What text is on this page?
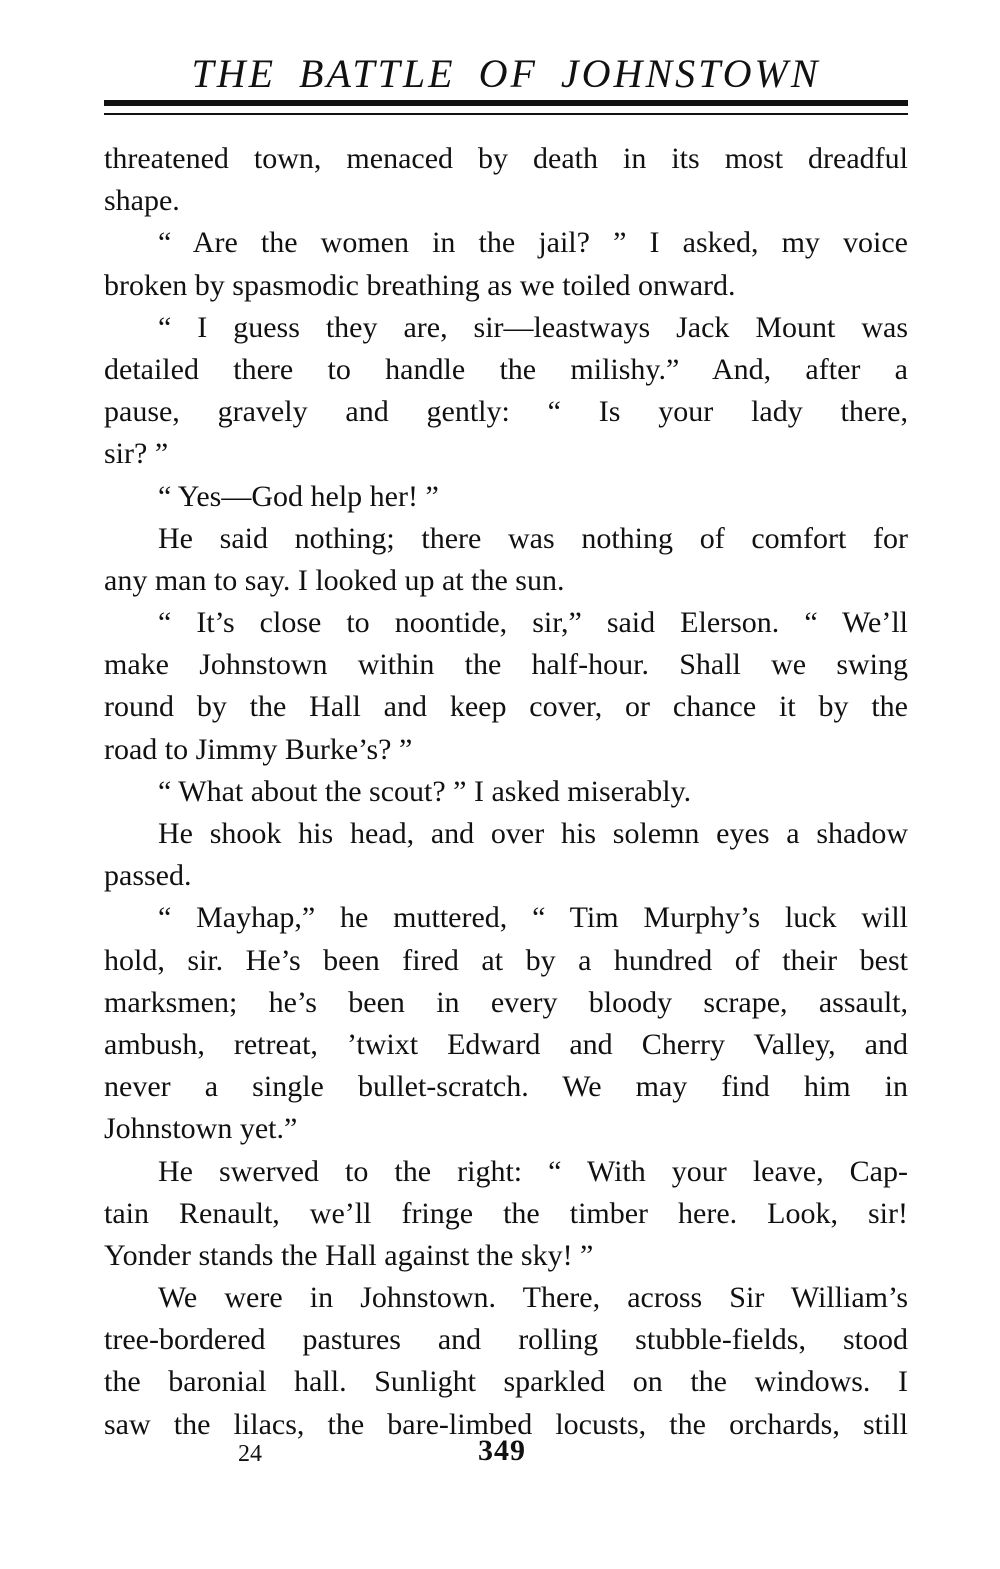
THE BATTLE OF JOHNSTOWN
threatened town, menaced by death in its most dreadful
shape.
“ Are the women in the jail? ” I asked, my voice
broken by spasmodic breathing as we toiled onward.
“ I guess they are, sir—leastways Jack Mount was
detailed there to handle the milishy.” And, after a
pause, gravely and gently: “ Is your lady there,
sir? ”
“ Yes—God help her! ”
He said nothing; there was nothing of comfort for
any man to say. I looked up at the sun.
“ It’s close to noontide, sir,” said Elerson. “ We’ll
make Johnstown within the half-hour. Shall we swing
round by the Hall and keep cover, or chance it by the
road to Jimmy Burke’s? ”
“ What about the scout? ” I asked miserably.
He shook his head, and over his solemn eyes a shadow
passed.
“ Mayhap,” he muttered, “ Tim Murphy’s luck will
hold, sir. He’s been fired at by a hundred of their best
marksmen; he’s been in every bloody scrape, assault,
ambush, retreat, ’twixt Edward and Cherry Valley, and
never a single bullet-scratch. We may find him in
Johnstown yet.”
He swerved to the right: “ With your leave, Cap-
tain Renault, we’ll fringe the timber here. Look, sir!
Yonder stands the Hall against the sky! ”
We were in Johnstown. There, across Sir William’s
tree-bordered pastures and rolling stubble-fields, stood
the baronial hall. Sunlight sparkled on the windows. I
saw the lilacs, the bare-limbed locusts, the orchards, still
24	349
